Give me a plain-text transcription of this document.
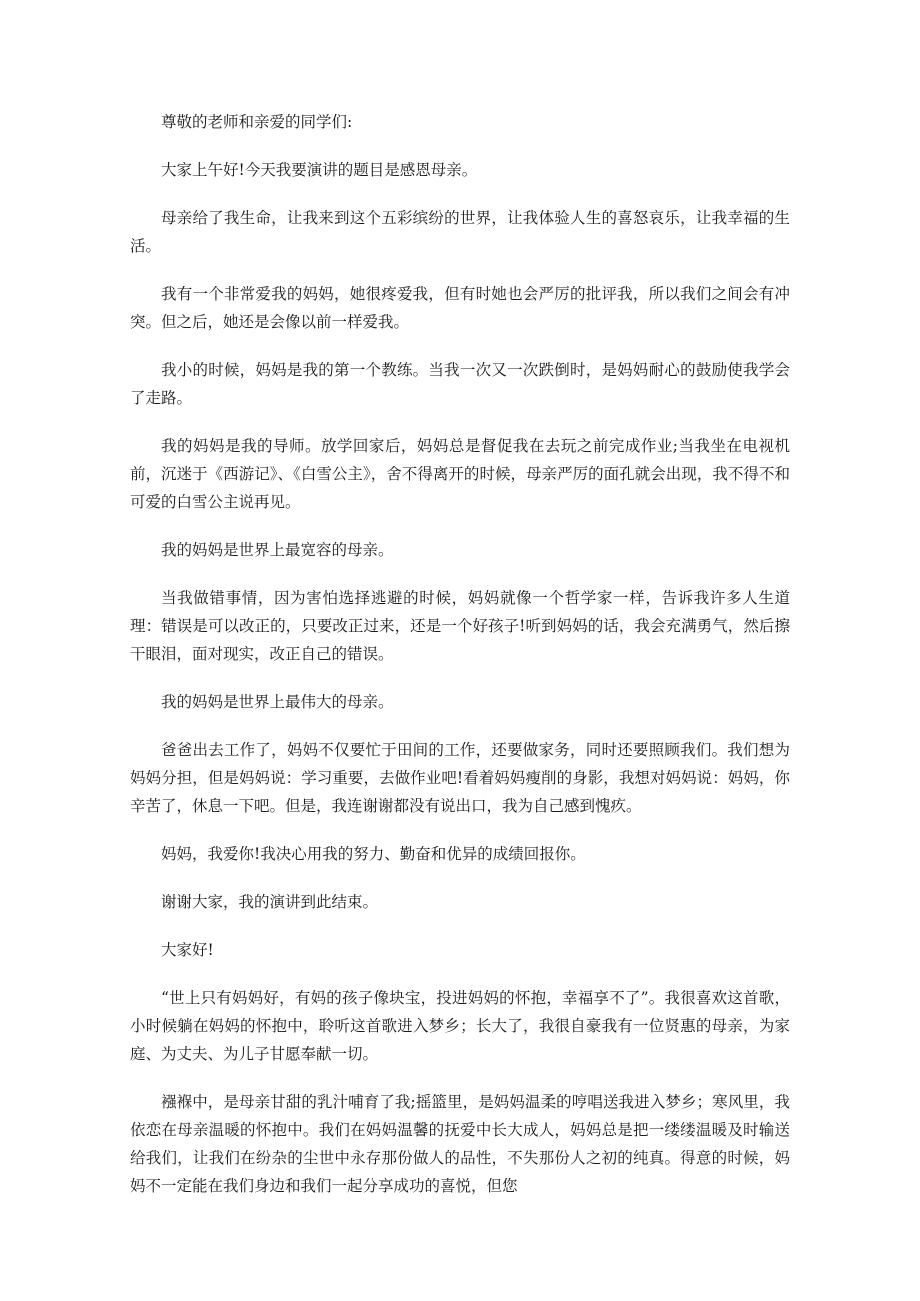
尊敬的老师和亲爱的同学们:

大家上午好!今天我要演讲的题目是感恩母亲。

母亲给了我生命，让我来到这个五彩缤纷的世界，让我体验人生的喜怒哀乐，让我幸福的生活。

我有一个非常爱我的妈妈，她很疼爱我，但有时她也会严厉的批评我，所以我们之间会有冲突。但之后，她还是会像以前一样爱我。

我小的时候，妈妈是我的第一个教练。当我一次又一次跌倒时，是妈妈耐心的鼓励使我学会了走路。

我的妈妈是我的导师。放学回家后，妈妈总是督促我在去玩之前完成作业;当我坐在电视机前，沉迷于《西游记》、《白雪公主》，舍不得离开的时候，母亲严厉的面孔就会出现，我不得不和可爱的白雪公主说再见。

我的妈妈是世界上最宽容的母亲。

当我做错事情，因为害怕选择逃避的时候，妈妈就像一个哲学家一样，告诉我许多人生道理：错误是可以改正的，只要改正过来，还是一个好孩子!听到妈妈的话，我会充满勇气，然后擦干眼泪，面对现实，改正自己的错误。

我的妈妈是世界上最伟大的母亲。

爸爸出去工作了，妈妈不仅要忙于田间的工作，还要做家务，同时还要照顾我们。我们想为妈妈分担，但是妈妈说：学习重要，去做作业吧!看着妈妈瘦削的身影，我想对妈妈说：妈妈，你辛苦了，休息一下吧。但是，我连谢谢都没有说出口，我为自己感到愧疚。

妈妈，我爱你!我决心用我的努力、勤奋和优异的成绩回报你。

谢谢大家，我的演讲到此结束。

大家好!

“世上只有妈妈好，有妈的孩子像块宝，投进妈妈的怀抱，幸福享不了”。我很喜欢这首歌，小时候躺在妈妈的怀抱中，聆听这首歌进入梦乡；长大了，我很自豪我有一位贤惠的母亲，为家庭、为丈夫、为儿子甘愿奉献一切。

襁褓中，是母亲甘甜的乳汁哺育了我;摇篮里，是妈妈温柔的哼唱送我进入梦乡；寒风里，我依恋在母亲温暖的怀抱中。我们在妈妈温馨的抚爱中长大成人，妈妈总是把一缕缕温暖及时输送给我们，让我们在纷杂的尘世中永存那份做人的品性，不失那份人之初的纯真。得意的时候，妈妈不一定能在我们身边和我们一起分享成功的喜悦，但您
